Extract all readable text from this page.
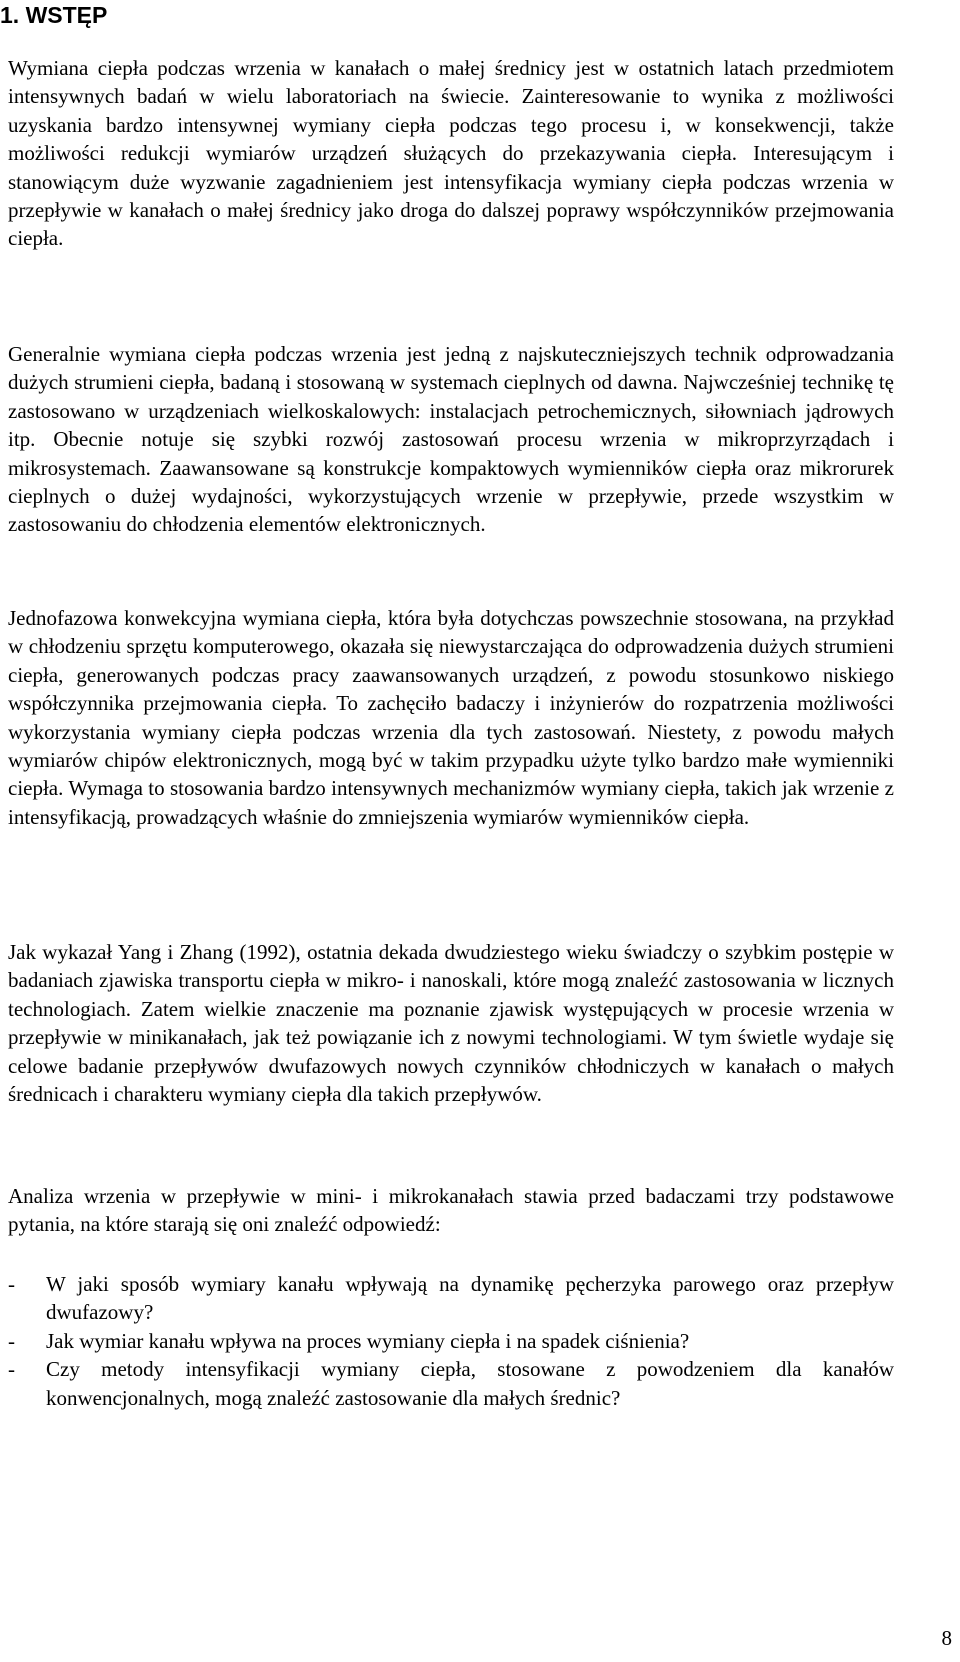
1. WSTĘP

Wymiana ciepła podczas wrzenia w kanałach o małej średnicy jest w ostatnich latach przedmiotem intensywnych badań w wielu laboratoriach na świecie. Zainteresowanie to wynika z możliwości uzyskania bardzo intensywnej wymiany ciepła podczas tego procesu i, w konsekwencji, także możliwości redukcji wymiarów urządzeń służących do przekazywania ciepła. Interesującym i stanowiącym duże wyzwanie zagadnieniem jest intensyfikacja wymiany ciepła podczas wrzenia w przepływie w kanałach o małej średnicy jako droga do dalszej poprawy współczynników przejmowania ciepła.

Generalnie wymiana ciepła podczas wrzenia jest jedną z najskuteczniejszych technik odprowadzania dużych strumieni ciepła, badaną i stosowaną w systemach cieplnych od dawna. Najwcześniej technikę tę zastosowano w urządzeniach wielkoskalowych: instalacjach petrochemicznych, siłowniach jądrowych itp. Obecnie notuje się szybki rozwój zastosowań procesu wrzenia w mikroprzyrządach i mikrosystemach. Zaawansowane są konstrukcje kompaktowych wymienników ciepła oraz mikrorurek cieplnych o dużej wydajności, wykorzystujących wrzenie w przepływie, przede wszystkim w zastosowaniu do chłodzenia elementów elektronicznych.

Jednofazowa konwekcyjna wymiana ciepła, która była dotychczas powszechnie stosowana, na przykład w chłodzeniu sprzętu komputerowego, okazała się niewystarczająca do odprowadzenia dużych strumieni ciepła, generowanych podczas pracy zaawansowanych urządzeń, z powodu stosunkowo niskiego współczynnika przejmowania ciepła. To zachęciło badaczy i inżynierów do rozpatrzenia możliwości wykorzystania wymiany ciepła podczas wrzenia dla tych zastosowań. Niestety, z powodu małych wymiarów chipów elektronicznych, mogą być w takim przypadku użyte tylko bardzo małe wymienniki ciepła. Wymaga to stosowania bardzo intensywnych mechanizmów wymiany ciepła, takich jak wrzenie z intensyfikacją, prowadzących właśnie do zmniejszenia wymiarów wymienników ciepła.

Jak wykazał Yang i Zhang (1992), ostatnia dekada dwudziestego wieku świadczy o szybkim postępie w badaniach zjawiska transportu ciepła w mikro- i nanoskali, które mogą znaleźć zastosowania w licznych technologiach. Zatem wielkie znaczenie ma poznanie zjawisk występujących w procesie wrzenia w przepływie w minikanałach, jak też powiązanie ich z nowymi technologiami. W tym świetle wydaje się celowe badanie przepływów dwufazowych nowych czynników chłodniczych w kanałach o małych średnicach i charakteru wymiany ciepła dla takich przepływów.

Analiza wrzenia w przepływie w mini- i mikrokanałach stawia przed badaczami trzy podstawowe pytania, na które starają się oni znaleźć odpowiedź:

- W jaki sposób wymiary kanału wpływają na dynamikę pęcherzyka parowego oraz przepływ dwufazowy?
- Jak wymiar kanału wpływa na proces wymiany ciepła i na spadek ciśnienia?
- Czy metody intensyfikacji wymiany ciepła, stosowane z powodzeniem dla kanałów konwencjonalnych, mogą znaleźć zastosowanie dla małych średnic?
8
